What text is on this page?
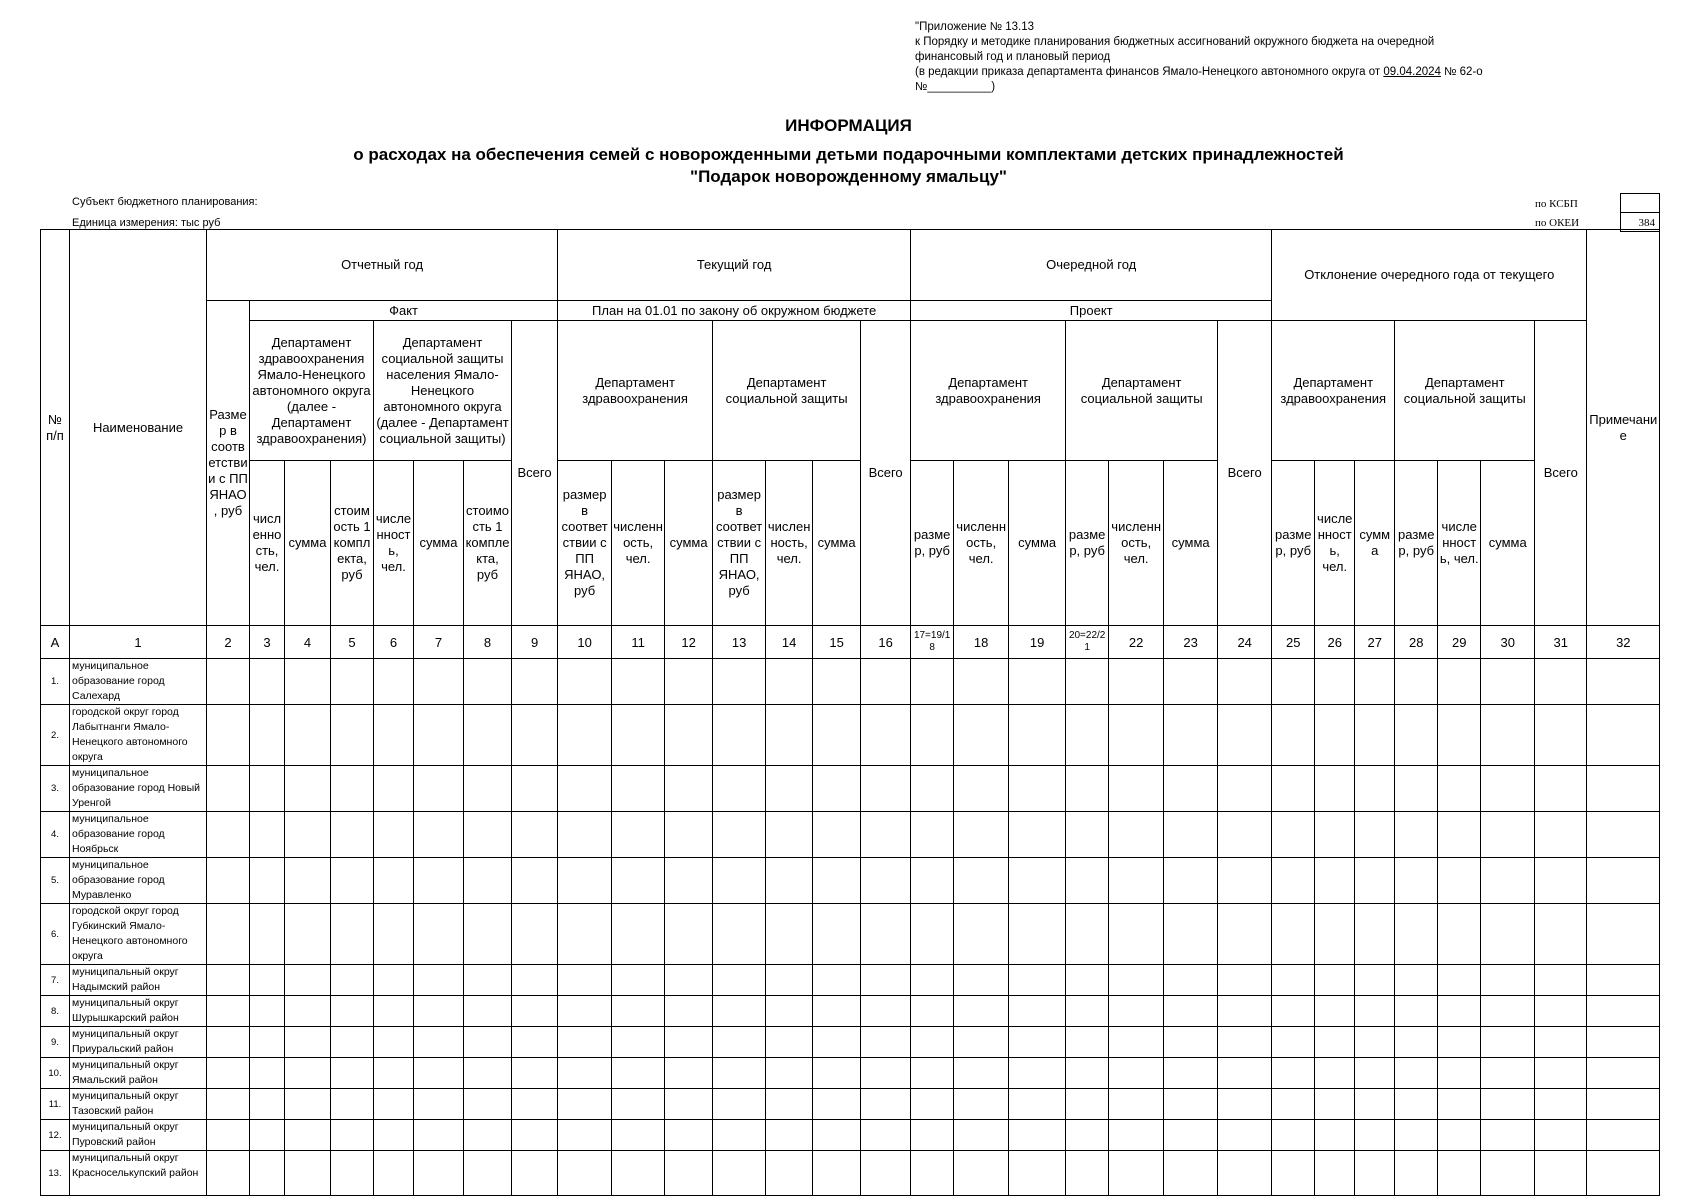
"Приложение № 13.13
к Порядку и методике планирования бюджетных ассигнований окружного бюджета на очередной
финансовый год и плановый период
(в редакции приказа департамента финансов Ямало-Ненецкого автономного округа от 09.04.2024 № 62-о
№__________)
ИНФОРМАЦИЯ
о расходах на обеспечения семей с новорожденными детьми подарочными комплектами детских принадлежностей
"Подарок новорожденному ямальцу"
Субъект бюджетного планирования:
Единица измерения: тыс руб
по КСБП
по ОКЕИ	384
№ п/п	Наименование	Отчетный год								Текущий год							Очередной год							Отклонение очередного года от текущего							Примечание
		Размер в соответствии с ПП ЯНАО, руб	Факт							План на 01.01 по закону об окружном бюджете							Проект														
			Департамент здравоохранения Ямало-Ненецкого автономного округа (далее - Департамент здравоохранения)			Департамент социальной защиты населения Ямало-Ненецкого автономного округа (далее - Департамент социальной защиты)			Всего	Департамент здравоохранения			Департамент социальной защиты			Всего	Департамент здравоохранения			Департамент социальной защиты			Всего	Департамент здравоохранения			Департамент социальной защиты			Всего	
			численность, чел.	сумма	стоимость 1 комплекта, руб	численность, чел.	сумма	стоимость 1 комплекта, руб		размер в соответствии с ПП ЯНАО, руб	численность, чел.	сумма	размер в соответствии с ПП ЯНАО, руб	численность, чел.	сумма		размер, руб	численность, чел.	сумма	размер, руб	численность, чел.	сумма		размер, руб	численность, чел.	сумма	размер, руб	численность, чел.	сумма		
А	1	2	3	4	5	6	7	8	9	10	11	12	13	14	15	16	17=19/18	18	19	20=22/21	22	23	24	25	26	27	28	29	30	31	32
1.	муниципальное образование город Салехард																														
2.	городской округ город Лабытнанги Ямало-Ненецкого автономного округа																														
3.	муниципальное образование город Новый Уренгой																														
4.	муниципальное образование город Ноябрьск																														
5.	муниципальное образование город Муравленко																														
6.	городской округ город Губкинский Ямало-Ненецкого автономного округа																														
7.	муниципальный округ Надымский район																														
8.	муниципальный округ Шурышкарский район																														
9.	муниципальный округ Приуральский район																														
10.	муниципальный округ Ямальский район																														
11.	муниципальный округ Тазовский район																														
12.	муниципальный округ Пуровский район																														
13.	муниципальный округ Красноселькупский район																														
